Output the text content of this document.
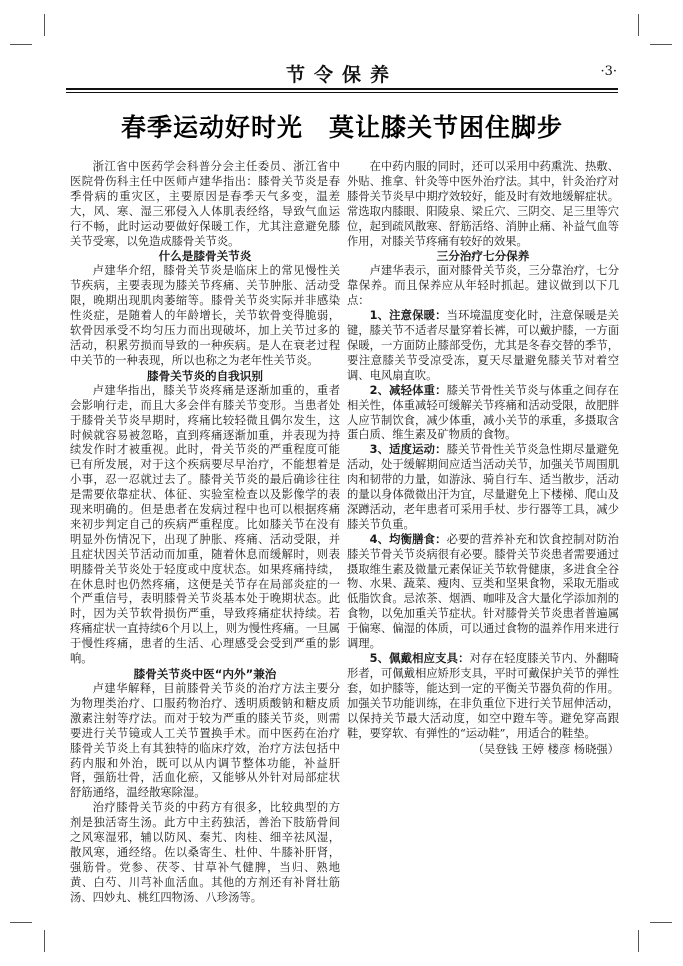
节令保养	·3·
春季运动好时光　莫让膝关节困住脚步

浙江省中医药学会科普分会主任委员、浙江省中医院骨伤科主任中医师卢建华指出：膝骨关节炎是春季骨病的重灾区，主要原因是春季天气多变，温差大，风、寒、湿三邪侵入人体肌表经络，导致气血运行不畅，此时运动要做好保暖工作，尤其注意避免膝关节受寒，以免造成膝骨关节炎。

什么是膝骨关节炎

卢建华介绍，膝骨关节炎是临床上的常见慢性关节疾病，主要表现为膝关节疼痛、关节肿胀、活动受限，晚期出现肌肉萎缩等。膝骨关节炎实际并非感染性炎症，是随着人的年龄增长，关节软骨变得脆弱，软骨因承受不均匀压力而出现破坏，加上关节过多的活动，积累劳损而导致的一种疾病。是人在衰老过程中关节的一种表现，所以也称之为老年性关节炎。

膝骨关节炎的自我识别

卢建华指出，膝关节炎疼痛是逐渐加重的，重者会影响行走，而且大多会伴有膝关节变形。当患者处于膝骨关节炎早期时，疼痛比较轻微且偶尔发生，这时候就容易被忽略，直到疼痛逐渐加重，并表现为持续发作时才被重视。此时，骨关节炎的严重程度可能已有所发展，对于这个疾病要尽早治疗，不能想着是小事，忍一忍就过去了。膝骨关节炎的最后确诊往往是需要依靠症状、体征、实验室检查以及影像学的表现来明确的。但是患者在发病过程中也可以根据疼痛来初步判定自己的疾病严重程度。比如膝关节在没有明显外伤情况下，出现了肿胀、疼痛、活动受限，并且症状因关节活动而加重，随着休息而缓解时，则表明膝骨关节炎处于轻度或中度状态。如果疼痛持续，在休息时也仍然疼痛，这便是关节存在局部炎症的一个严重信号，表明膝骨关节炎基本处于晚期状态。此时，因为关节软骨损伤严重，导致疼痛症状持续。若疼痛症状一直持续6个月以上，则为慢性疼痛。一旦属于慢性疼痛，患者的生活、心理感受会受到严重的影响。

膝骨关节炎中医“内外”兼治

卢建华解释，目前膝骨关节炎的治疗方法主要分为物理类治疗、口服药物治疗、透明质酸钠和糖皮质激素注射等疗法。而对于较为严重的膝关节炎，则需要进行关节镜或人工关节置换手术。而中医药在治疗膝骨关节炎上有其独特的临床疗效，治疗方法包括中药内服和外治，既可以从内调节整体功能，补益肝肾，强筋壮骨，活血化瘀，又能够从外针对局部症状舒筋通络，温经散寒除湿。

治疗膝骨关节炎的中药方有很多，比较典型的方剂是独活寄生汤。此方中主药独活，善治下肢筋骨间之风寒湿邪，辅以防风、秦艽、肉桂、细辛祛风湿，散风寒，通经络。佐以桑寄生、杜仲、牛膝补肝肾，强筋骨。党参、茯苓、甘草补气健脾，当归、熟地黄、白芍、川芎补血活血。其他的方剂还有补肾壮筋汤、四妙丸、桃红四物汤、八珍汤等。

在中药内服的同时，还可以采用中药熏洗、热敷、外贴、推拿、针灸等中医外治疗法。其中，针灸治疗对膝骨关节炎早中期疗效较好，能及时有效地缓解症状。常选取内膝眼、阳陵泉、梁丘穴、三阴交、足三里等穴位，起到疏风散寒、舒筋活络、消肿止痛、补益气血等作用，对膝关节疼痛有较好的效果。

三分治疗七分保养

卢建华表示，面对膝骨关节炎，三分靠治疗，七分靠保养。而且保养应从年轻时抓起。建议做到以下几点：

1、注意保暖：当环境温度变化时，注意保暖是关键，膝关节不适者尽量穿着长裤，可以戴护膝，一方面保暖，一方面防止膝部受伤，尤其是冬春交替的季节，要注意膝关节受凉受冻，夏天尽量避免膝关节对着空调、电风扇直吹。

2、减轻体重：膝关节骨性关节炎与体重之间存在相关性，体重减轻可缓解关节疼痛和活动受限，故肥胖人应节制饮食，减少体重，减小关节的承重，多摄取含蛋白质、维生素及矿物质的食物。

3、适度运动：膝关节骨性关节炎急性期尽量避免活动，处于缓解期间应适当活动关节，加强关节周围肌肉和韧带的力量，如游泳、骑自行车、适当散步，活动的量以身体微微出汗为宜，尽量避免上下楼梯、爬山及深蹲活动，老年患者可采用手杖、步行器等工具，减少膝关节负重。

4、均衡膳食：必要的营养补充和饮食控制对防治膝关节骨关节炎病很有必要。膝骨关节炎患者需要通过摄取维生素及微量元素保证关节软骨健康，多进食全谷物、水果、蔬菜、瘦肉、豆类和坚果食物，采取无脂或低脂饮食。忌浓茶、烟酒、咖啡及含大量化学添加剂的食物，以免加重关节症状。针对膝骨关节炎患者普遍属于偏寒、偏湿的体质，可以通过食物的温养作用来进行调理。

5、佩戴相应支具：对存在轻度膝关节内、外翻畸形者，可佩戴相应矫形支具，平时可戴保护关节的弹性套，如护膝等，能达到一定的平衡关节器负荷的作用。加强关节功能训练，在非负重位下进行关节屈伸活动，以保持关节最大活动度，如空中蹬车等。避免穿高跟鞋，要穿软、有弹性的“运动鞋”，用适合的鞋垫。

（吴登钱 王婷 楼彦 杨晓强）
